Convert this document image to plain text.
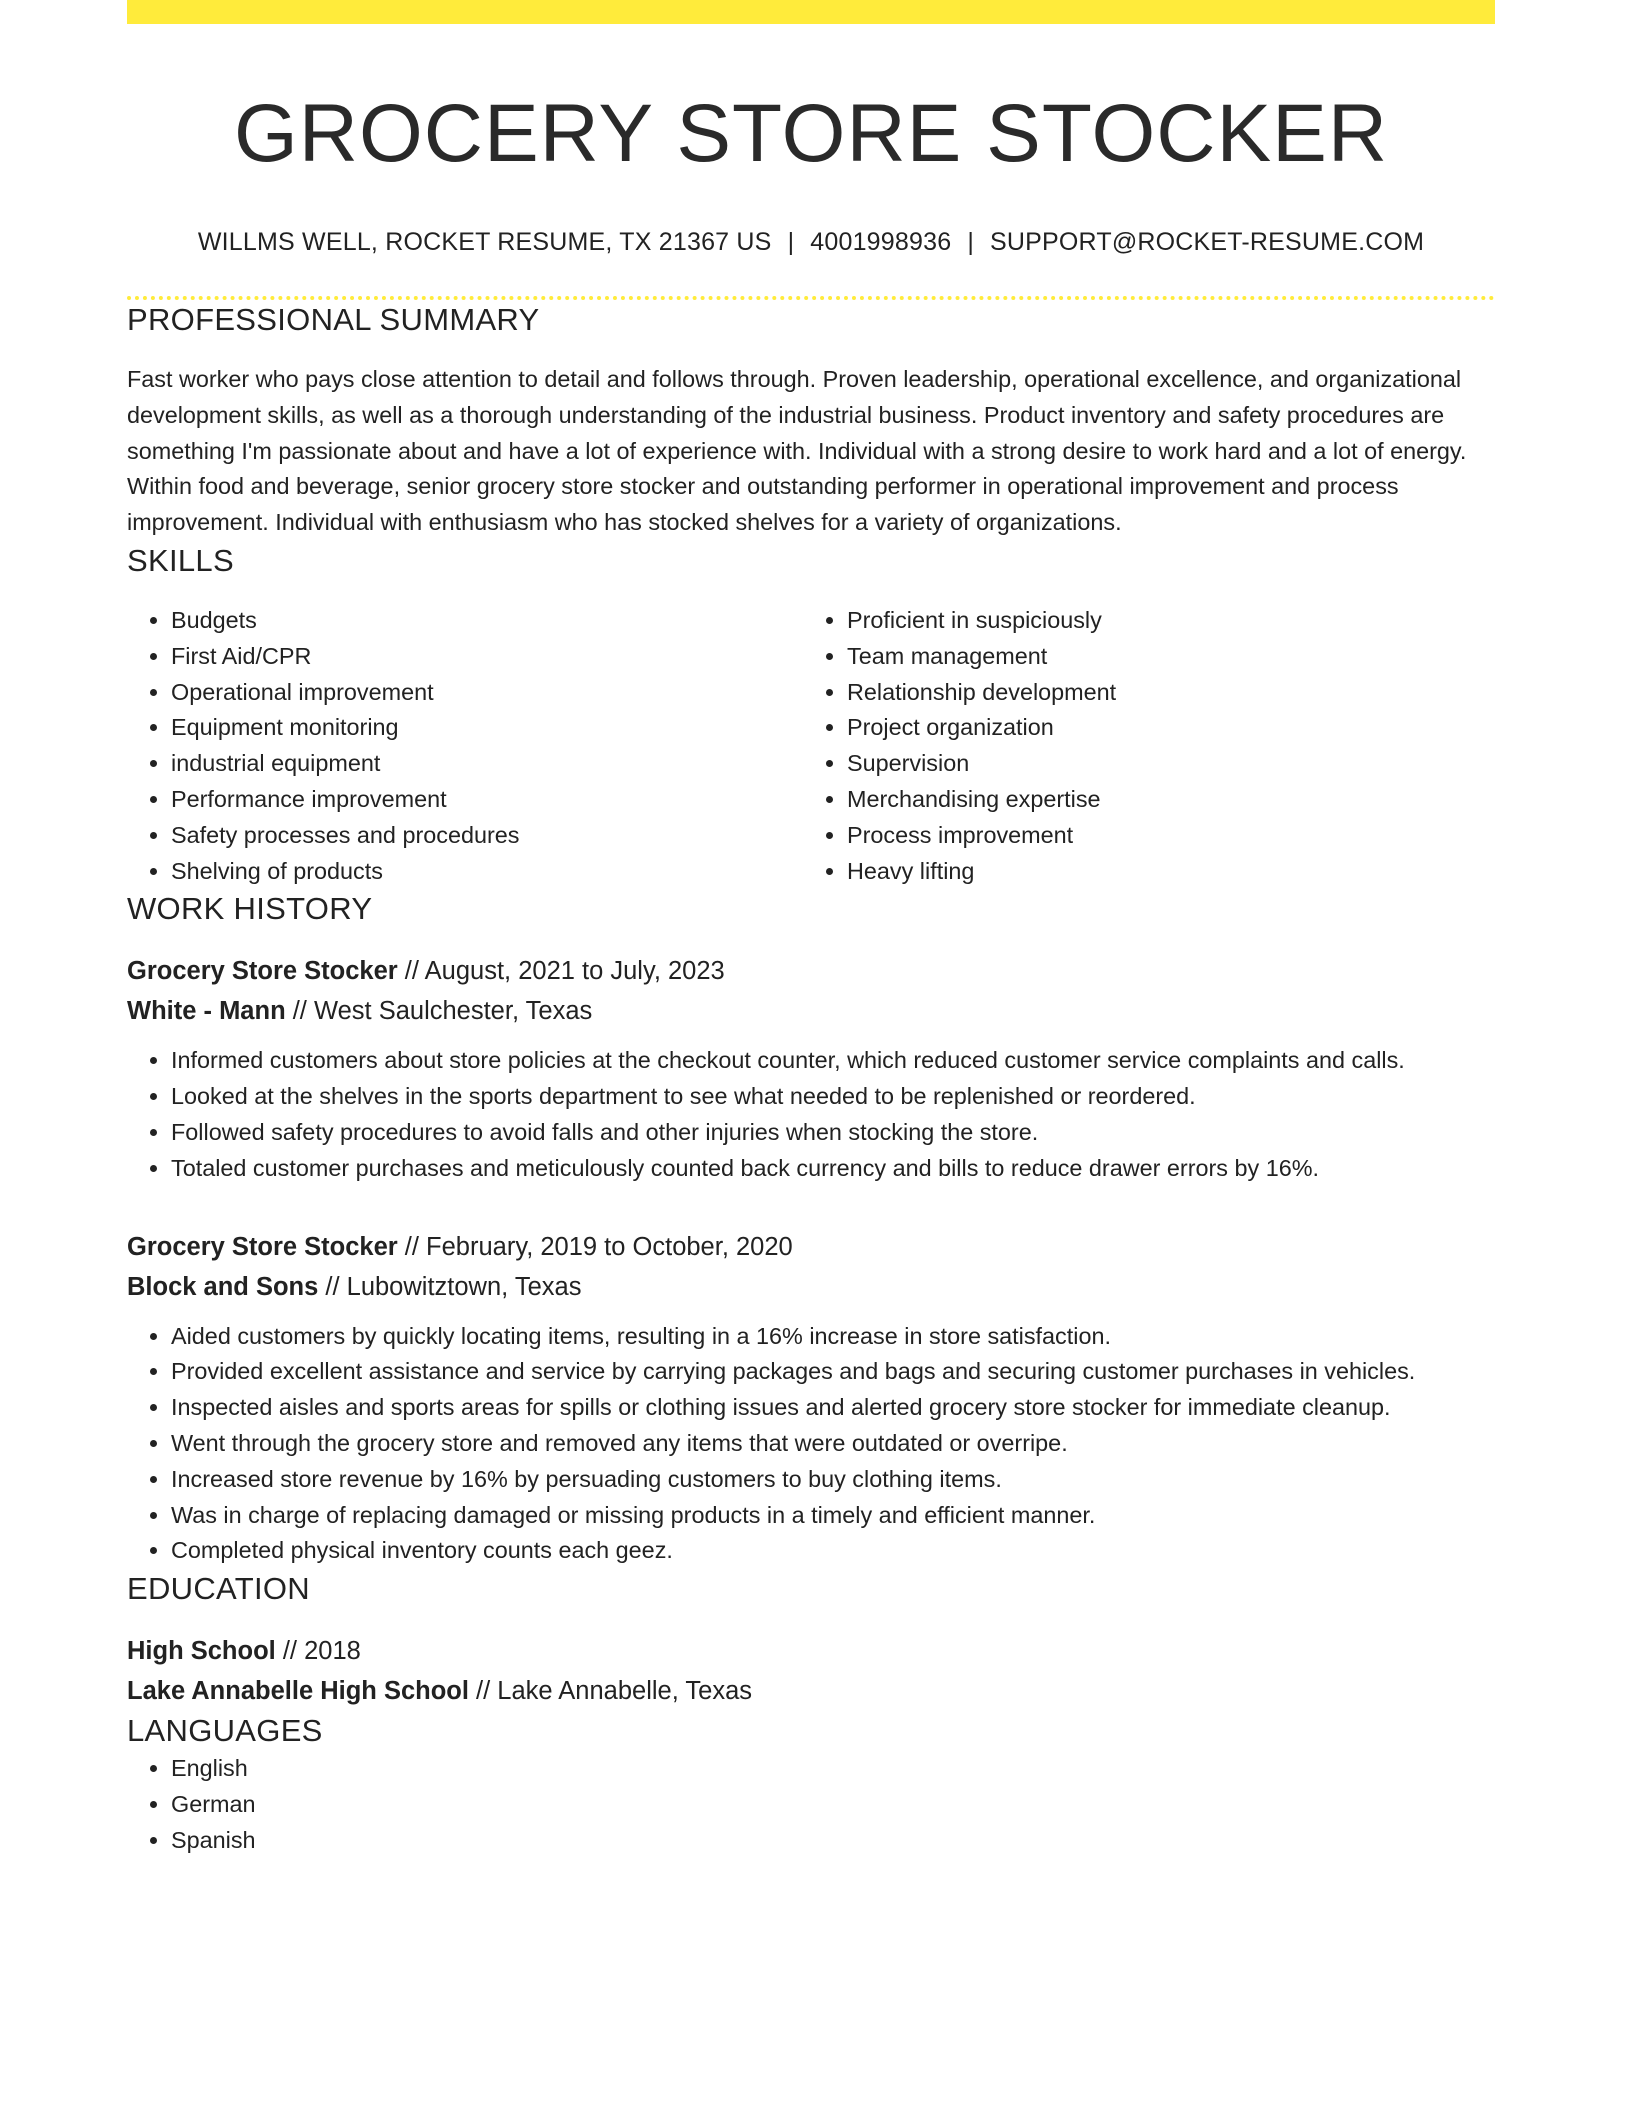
GROCERY STORE STOCKER
WILLMS WELL, ROCKET RESUME, TX 21367 US | 4001998936 | SUPPORT@ROCKET-RESUME.COM
PROFESSIONAL SUMMARY
Fast worker who pays close attention to detail and follows through. Proven leadership, operational excellence, and organizational development skills, as well as a thorough understanding of the industrial business. Product inventory and safety procedures are something I'm passionate about and have a lot of experience with. Individual with a strong desire to work hard and a lot of energy. Within food and beverage, senior grocery store stocker and outstanding performer in operational improvement and process improvement. Individual with enthusiasm who has stocked shelves for a variety of organizations.
SKILLS
• Budgets
• First Aid/CPR
• Operational improvement
• Equipment monitoring
• industrial equipment
• Performance improvement
• Safety processes and procedures
• Shelving of products
• Proficient in suspiciously
• Team management
• Relationship development
• Project organization
• Supervision
• Merchandising expertise
• Process improvement
• Heavy lifting
WORK HISTORY
Grocery Store Stocker // August, 2021 to July, 2023
White - Mann // West Saulchester, Texas
• Informed customers about store policies at the checkout counter, which reduced customer service complaints and calls.
• Looked at the shelves in the sports department to see what needed to be replenished or reordered.
• Followed safety procedures to avoid falls and other injuries when stocking the store.
• Totaled customer purchases and meticulously counted back currency and bills to reduce drawer errors by 16%.
Grocery Store Stocker // February, 2019 to October, 2020
Block and Sons // Lubowitztown, Texas
• Aided customers by quickly locating items, resulting in a 16% increase in store satisfaction.
• Provided excellent assistance and service by carrying packages and bags and securing customer purchases in vehicles.
• Inspected aisles and sports areas for spills or clothing issues and alerted grocery store stocker for immediate cleanup.
• Went through the grocery store and removed any items that were outdated or overripe.
• Increased store revenue by 16% by persuading customers to buy clothing items.
• Was in charge of replacing damaged or missing products in a timely and efficient manner.
• Completed physical inventory counts each geez.
EDUCATION
High School // 2018
Lake Annabelle High School // Lake Annabelle, Texas
LANGUAGES
• English
• German
• Spanish
